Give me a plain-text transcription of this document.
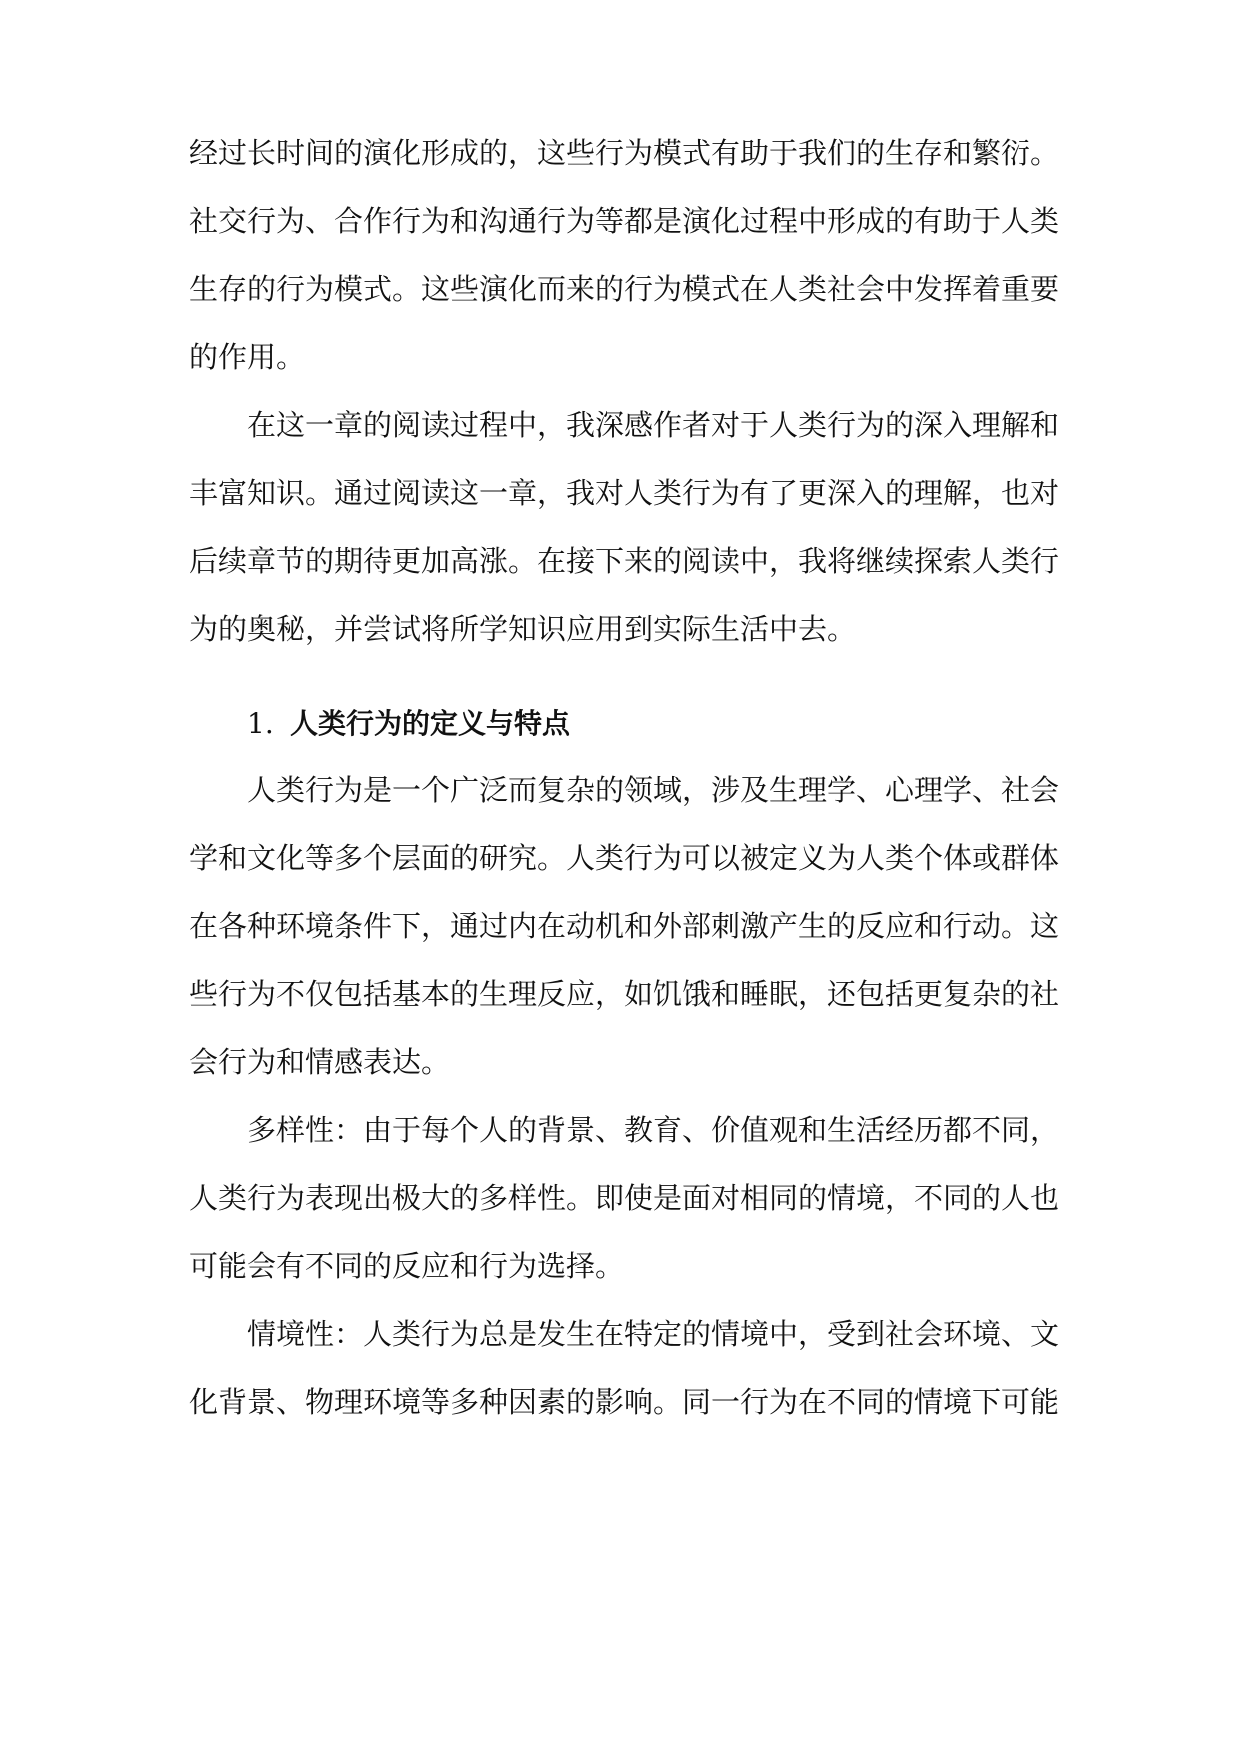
经过长时间的演化形成的，这些行为模式有助于我们的生存和繁衍。
社交行为、合作行为和沟通行为等都是演化过程中形成的有助于人类
生存的行为模式。这些演化而来的行为模式在人类社会中发挥着重要
的作用。
在这一章的阅读过程中，我深感作者对于人类行为的深入理解和
丰富知识。通过阅读这一章，我对人类行为有了更深入的理解，也对
后续章节的期待更加高涨。在接下来的阅读中，我将继续探索人类行
为的奥秘，并尝试将所学知识应用到实际生活中去。
1. 人类行为的定义与特点
人类行为是一个广泛而复杂的领域，涉及生理学、心理学、社会
学和文化等多个层面的研究。人类行为可以被定义为人类个体或群体
在各种环境条件下，通过内在动机和外部刺激产生的反应和行动。这
些行为不仅包括基本的生理反应，如饥饿和睡眠，还包括更复杂的社
会行为和情感表达。
多样性：由于每个人的背景、教育、价值观和生活经历都不同，
人类行为表现出极大的多样性。即使是面对相同的情境，不同的人也
可能会有不同的反应和行为选择。
情境性：人类行为总是发生在特定的情境中，受到社会环境、文
化背景、物理环境等多种因素的影响。同一行为在不同的情境下可能
